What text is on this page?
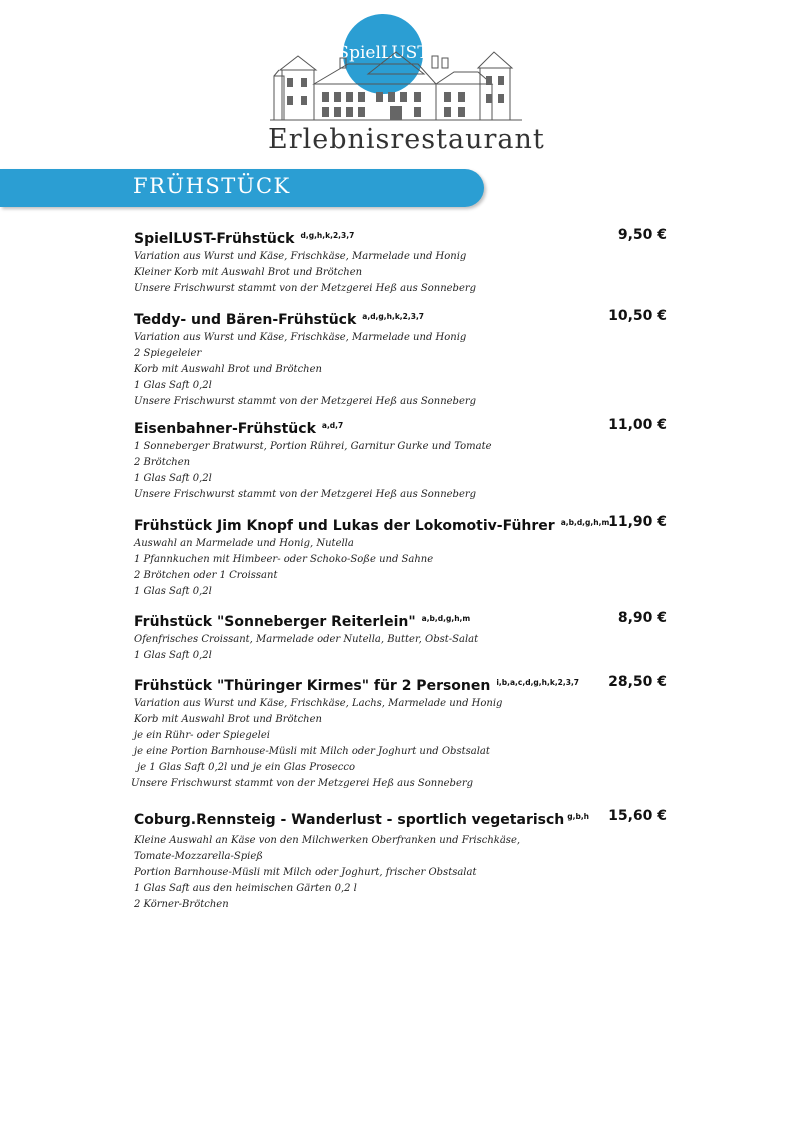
SpielLUST
Erlebnisrestaurant
FRÜHSTÜCK
SpielLUST-Frühstück $^{d,g,h,k,2,3,7}$	9,50 €
Variation aus Wurst und Käse, Frischkäse, Marmelade und Honig
Kleiner Korb mit Auswahl Brot und Brötchen
Unsere Frischwurst stammt von der Metzgerei Heß aus Sonneberg
Teddy- und Bären-Frühstück $^{a,d,g,h,k,2,3,7}$	10,50 €
Variation aus Wurst und Käse, Frischkäse, Marmelade und Honig
2 Spiegeleier
Korb mit Auswahl Brot und Brötchen
1 Glas Saft 0,2l
Unsere Frischwurst stammt von der Metzgerei Heß aus Sonneberg
Eisenbahner-Frühstück $^{a,d,7}$	11,00 €
1 Sonneberger Bratwurst, Portion Rührei, Garnitur Gurke und Tomate
2 Brötchen
1 Glas Saft 0,2l
Unsere Frischwurst stammt von der Metzgerei Heß aus Sonneberg
Frühstück Jim Knopf und Lukas der Lokomotiv-Führer $^{a,b,d,g,h,m}$
11,90 €
Auswahl an Marmelade und Honig, Nutella
1 Pfannkuchen mit Himbeer- oder Schoko-Soße und Sahne
2 Brötchen oder 1 Croissant
1 Glas Saft 0,2l
Frühstück "Sonneberger Reiterlein" $^{a,b,d,g,h,m}$	8,90 €
Ofenfrisches Croissant, Marmelade oder Nutella, Butter, Obst-Salat
1 Glas Saft 0,2l
Frühstück "Thüringer Kirmes" für 2 Personen $^{i,b,a,c,d,g,h,k,2,3,7}$	28,50 €
Variation aus Wurst und Käse, Frischkäse, Lachs, Marmelade und Honig
Korb mit Auswahl Brot und Brötchen
je ein Rühr- oder Spiegelei
je eine Portion Barnhouse-Müsli mit Milch oder Joghurt und Obstsalat
je 1 Glas Saft 0,2l und je ein Glas Prosecco
Unsere Frischwurst stammt von der Metzgerei Heß aus Sonneberg
Coburg.Rennsteig - Wanderlust - sportlich vegetarisch $^{g,b,h}$	15,60 €
Kleine Auswahl an Käse von den Milchwerken Oberfranken und Frischkäse,
Tomate-Mozzarella-Spieß
Portion Barnhouse-Müsli mit Milch oder Joghurt, frischer Obstsalat
1 Glas Saft aus den heimischen Gärten 0,2 l
2 Körner-Brötchen
